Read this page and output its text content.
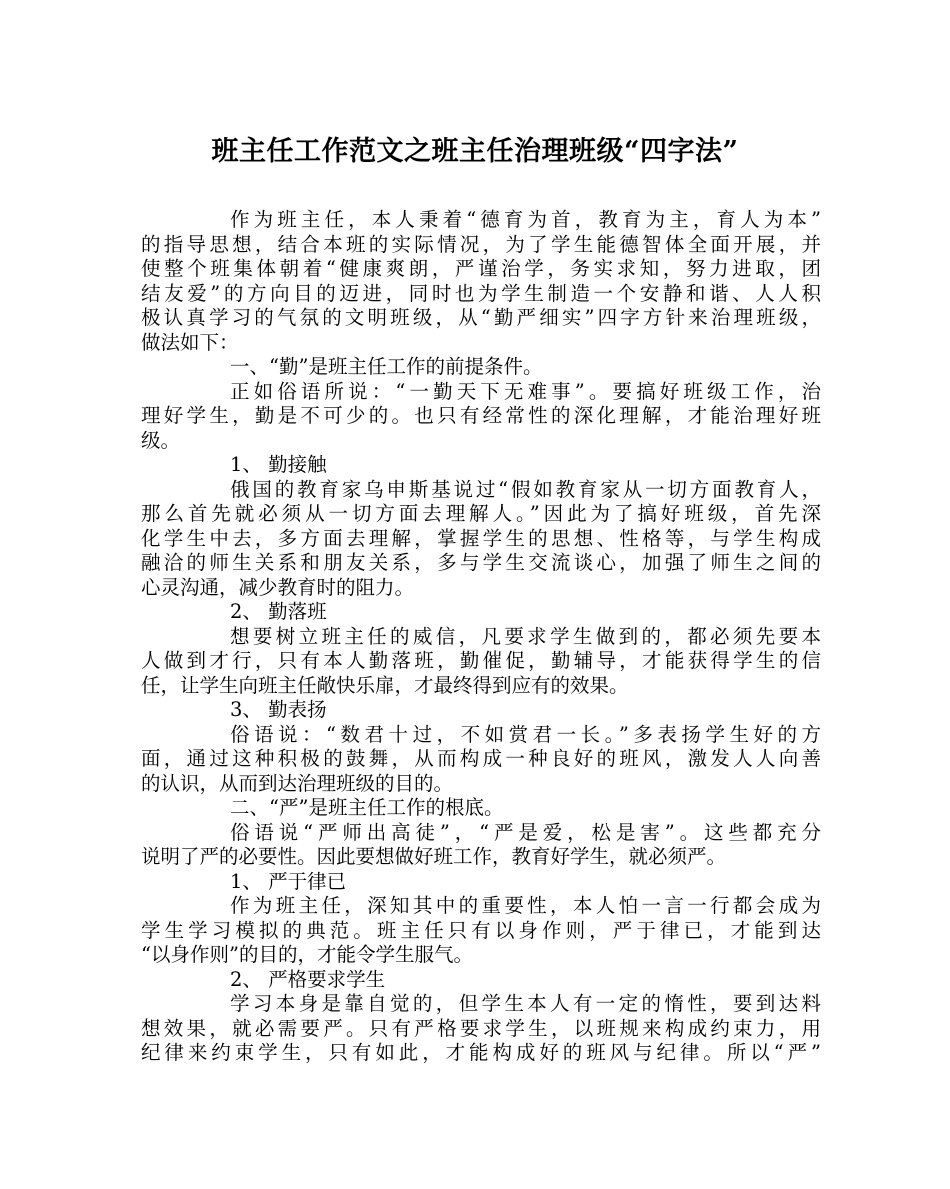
班主任工作范文之班主任治理班级“四字法”
作为班主任，本人秉着“德育为首，教育为主，育人为本”
的指导思想，结合本班的实际情况，为了学生能德智体全面开展，并
使整个班集体朝着“健康爽朗，严谨治学，务实求知，努力进取，团
结友爱”的方向目的迈进，同时也为学生制造一个安静和谐、人人积
极认真学习的气氛的文明班级，从“勤严细实”四字方针来治理班级，
做法如下：
一、“勤”是班主任工作的前提条件。
正如俗语所说：“一勤天下无难事”。要搞好班级工作，治
理好学生，勤是不可少的。也只有经常性的深化理解，才能治理好班
级。
1、 勤接触
俄国的教育家乌申斯基说过“假如教育家从一切方面教育人，
那么首先就必须从一切方面去理解人。”因此为了搞好班级，首先深
化学生中去，多方面去理解，掌握学生的思想、性格等，与学生构成
融洽的师生关系和朋友关系，多与学生交流谈心，加强了师生之间的
心灵沟通，减少教育时的阻力。
2、 勤落班
想要树立班主任的威信，凡要求学生做到的，都必须先要本
人做到才行，只有本人勤落班，勤催促，勤辅导，才能获得学生的信
任，让学生向班主任敞快乐扉，才最终得到应有的效果。
3、 勤表扬
俗语说：“数君十过，不如赏君一长。”多表扬学生好的方
面，通过这种积极的鼓舞，从而构成一种良好的班风，激发人人向善
的认识，从而到达治理班级的目的。
二、“严”是班主任工作的根底。
俗语说“严师出高徒”，“严是爱，松是害”。这些都充分
说明了严的必要性。因此要想做好班工作，教育好学生，就必须严。
1、 严于律已
作为班主任，深知其中的重要性，本人怕一言一行都会成为
学生学习模拟的典范。班主任只有以身作则，严于律已，才能到达
“以身作则”的目的，才能令学生服气。
2、 严格要求学生
学习本身是靠自觉的，但学生本人有一定的惰性，要到达料
想效果，就必需要严。只有严格要求学生，以班规来构成约束力，用
纪律来约束学生，只有如此，才能构成好的班风与纪律。所以“严”
